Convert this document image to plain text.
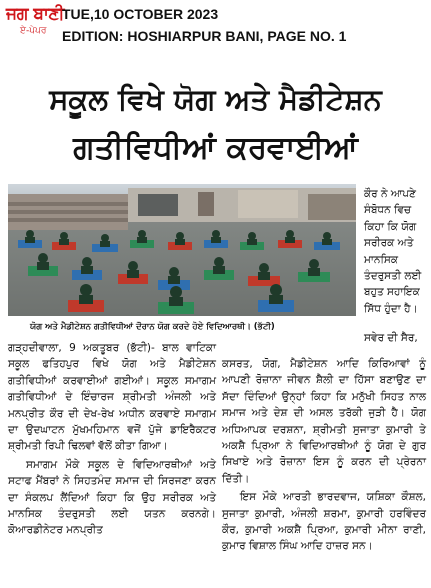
ਜਗ ਬਾਣੀ
ਏ-ਪੇਪਰ
TUE,10 OCTOBER 2023
EDITION: HOSHIARPUR BANI, PAGE NO. 1
ਸਕੂਲ ਵਿਖੇ ਯੋਗ ਅਤੇ ਮੈਡੀਟੇਸ਼ਨ
ਗਤੀਵਿਧੀਆਂ ਕਰਵਾਈਆਂ
ਯੋਗ ਅਤੇ ਮੈਡੀਟੇਸ਼ਨ ਗਤੀਵਿਧੀਆਂ ਦੌਰਾਨ ਯੋਗ ਕਰਦੇ ਹੋਏ ਵਿਦਿਆਰਥੀ। (ਭੱਟੀ)
ਕੌਰ ਨੇ ਆਪਣੇ ਸੰਬੋਧਨ ਵਿਚ ਕਿਹਾ ਕਿ ਯੋਗ ਸਰੀਰਕ ਅਤੇ ਮਾਨਸਿਕ ਤੰਦਰੁਸਤੀ ਲਈ ਬਹੁਤ ਸਹਾਇਕ ਸਿੱਧ ਹੁੰਦਾ ਹੈ।
ਸਵੇਰ ਦੀ ਸੈਰ,
ਗੜ੍ਹਦੀਵਾਲਾ, 9 ਅਕਤੂਬਰ (ਭੱਟੀ)- ਬਾਲ ਵਾਟਿਕਾ ਸਕੂਲ ਫਤਿਹਪੁਰ ਵਿਖੇ ਯੋਗ ਅਤੇ ਮੈਡੀਟੇਸ਼ਨ ਗਤੀਵਿਧੀਆਂ ਕਰਵਾਈਆਂ ਗਈਆਂ। ਸਕੂਲ ਸਮਾਗਮ ਗਤੀਵਿਧੀਆਂ ਦੇ ਇੰਚਾਰਜ ਸ਼੍ਰੀਮਤੀ ਅੰਜਲੀ ਅਤੇ ਮਨਪ੍ਰੀਤ ਕੌਰ ਦੀ ਦੇਖ-ਰੇਖ ਅਧੀਨ ਕਰਵਾਏ ਸਮਾਗਮ ਦਾ ਉਦਘਾਟਨ ਮੁੱਖਮਹਿਮਾਨ ਵਜੋਂ ਪੁੱਜੇ ਡਾਇਰੈਕਟਰ ਸ਼੍ਰੀਮਤੀ ਰਿਪੀ ਢਿਲਵਾਂ ਵੱਲੋਂ ਕੀਤਾ ਗਿਆ।
ਸਮਾਗਮ ਮੌਕੇ ਸਕੂਲ ਦੇ ਵਿਦਿਆਰਥੀਆਂ ਅਤੇ ਸਟਾਫ ਮੈਂਬਰਾਂ ਨੇ ਸਿਹਤਮੰਦ ਸਮਾਜ ਦੀ ਸਿਰਜਣਾ ਕਰਨ ਦਾ ਸੰਕਲਪ ਲੈਂਦਿਆਂ ਕਿਹਾ ਕਿ ਉਹ ਸਰੀਰਕ ਅਤੇ ਮਾਨਸਿਕ ਤੰਦਰੁਸਤੀ ਲਈ ਯਤਨ ਕਰਨਗੇ। ਕੋਆਰਡੀਨੇਟਰ ਮਨਪ੍ਰੀਤ
ਕਸਰਤ, ਯੋਗ, ਮੈਡੀਟੇਸ਼ਨ ਆਦਿ ਕਿਰਿਆਵਾਂ ਨੂੰ ਆਪਣੀ ਰੋਜ਼ਾਨਾ ਜੀਵਨ ਸ਼ੈਲੀ ਦਾ ਹਿੱਸਾ ਬਣਾਉਣ ਦਾ ਸੱਦਾ ਦਿੰਦਿਆਂ ਉਨ੍ਹਾਂ ਕਿਹਾ ਕਿ ਮਨੁੱਖੀ ਸਿਹਤ ਨਾਲ ਸਮਾਜ ਅਤੇ ਦੇਸ਼ ਦੀ ਅਸਲ ਤਰੱਕੀ ਜੁੜੀ ਹੈ। ਯੋਗ ਅਧਿਆਪਕ ਦਰਸ਼ਨਾ, ਸ਼੍ਰੀਮਤੀ ਸੁਜਾਤਾ ਕੁਮਾਰੀ ਤੇ ਅਕਸ਼ੈ ਪ੍ਰਿਆ ਨੇ ਵਿਦਿਆਰਥੀਆਂ ਨੂੰ ਯੋਗ ਦੇ ਗੁਰ ਸਿਖਾਏ ਅਤੇ ਰੋਜ਼ਾਨਾ ਇਸ ਨੂੰ ਕਰਨ ਦੀ ਪ੍ਰੇਰਨਾ ਦਿੱਤੀ।
ਇਸ ਮੌਕੇ ਆਰਤੀ ਭਾਰਦਵਾਜ, ਯਸ਼ਿਕਾ ਕੌਸ਼ਲ, ਸੁਜਾਤਾ ਕੁਮਾਰੀ, ਅੰਜਲੀ ਸ਼ਰਮਾ, ਕੁਮਾਰੀ ਹਰਵਿੰਦਰ ਕੌਰ, ਕੁਮਾਰੀ ਅਕਸ਼ੈ ਪ੍ਰਿਆ, ਕੁਮਾਰੀ ਮੀਨਾ ਰਾਣੀ, ਕੁਮਾਰ ਵਿਸ਼ਾਲ ਸਿੰਘ ਆਦਿ ਹਾਜ਼ਰ ਸਨ।
